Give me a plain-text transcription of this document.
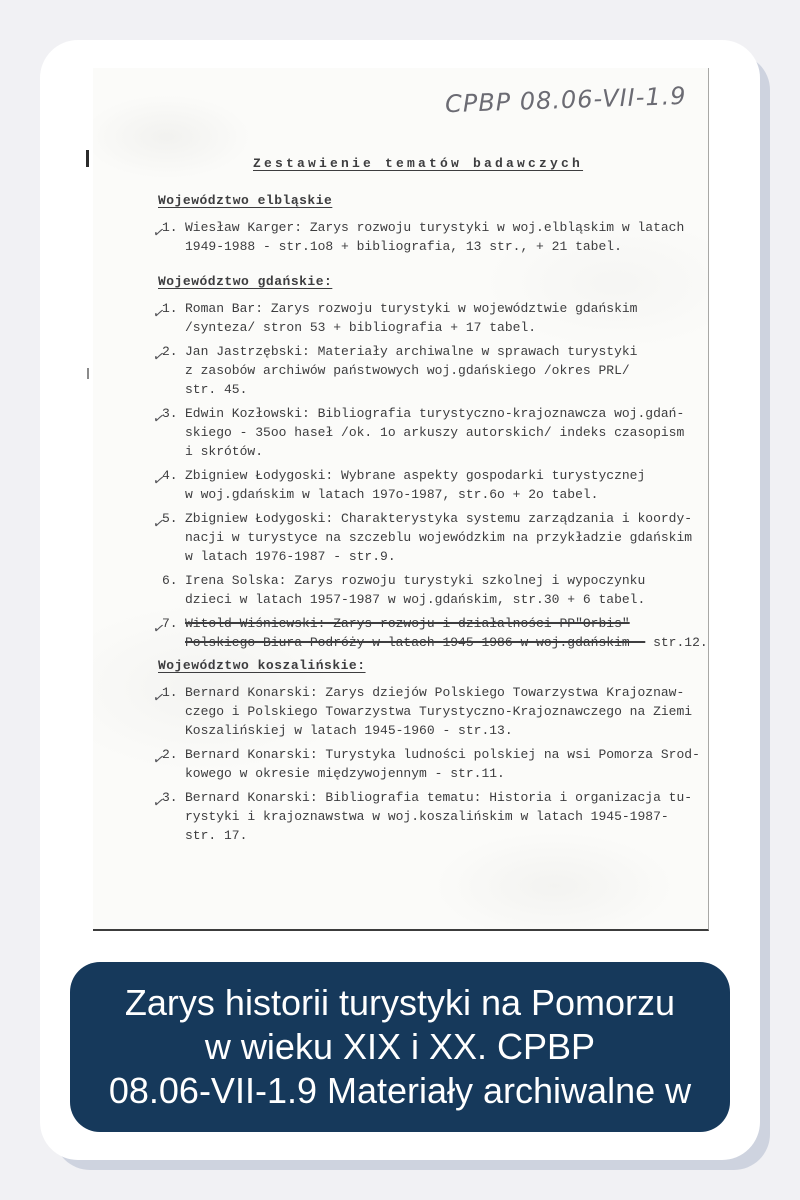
CPBP 08.06-VII-1.9
Zestawienie tematów badawczych
Województwo elbląskie
1.
✓ Wiesław Karger: Zarys rozwoju turystyki w woj.elbląskim w latach
1949-1988 - str.1o8 + bibliografia, 13 str., + 21 tabel.
Województwo gdańskie:
1.
✓ Roman Bar: Zarys rozwoju turystyki w województwie gdańskim
/synteza/ stron 53 + bibliografia + 17 tabel.
2.
✓ Jan Jastrzębski: Materiały archiwalne w sprawach turystyki
z zasobów archiwów państwowych woj.gdańskiego /okres PRL/
str. 45.
3.
✓ Edwin Kozłowski: Bibliografia turystyczno-krajoznawcza woj.gdań-
skiego - 35oo haseł /ok. 1o arkuszy autorskich/ indeks czasopism
i skrótów.
4.
✓ Zbigniew Łodygoski: Wybrane aspekty gospodarki turystycznej
w woj.gdańskim w latach 197o-1987, str.6o + 2o tabel.
5.
✓ Zbigniew Łodygoski: Charakterystyka systemu zarządzania i koordy-
nacji w turystyce na szczeblu wojewódzkim na przykładzie gdańskim
w latach 1976-1987 - str.9.
6. Irena Solska: Zarys rozwoju turystyki szkolnej i wypoczynku
dzieci w latach 1957-1987 w woj.gdańskim, str.30 + 6 tabel.
7.
✓ Witold Wiśniewski: Zarys rozwoju i działalności PP"Orbis"
Polskiego Biura Podróży w latach 1945-1986 w woj.gdańskim - str.12.
Województwo koszalińskie:
1.
✓ Bernard Konarski: Zarys dziejów Polskiego Towarzystwa Krajoznaw-
czego i Polskiego Towarzystwa Turystyczno-Krajoznawczego na Ziemi
Koszalińskiej w latach 1945-1960 - str.13.
2.
✓ Bernard Konarski: Turystyka ludności polskiej na wsi Pomorza Srod-
kowego w okresie międzywojennym - str.11.
3.
✓ Bernard Konarski: Bibliografia tematu: Historia i organizacja tu-
rystyki i krajoznawstwa w woj.koszalińskim w latach 1945-1987-
str. 17.
Zarys historii turystyki na Pomorzu
w wieku XIX i XX. CPBP
08.06-VII-1.9 Materiały archiwalne w
